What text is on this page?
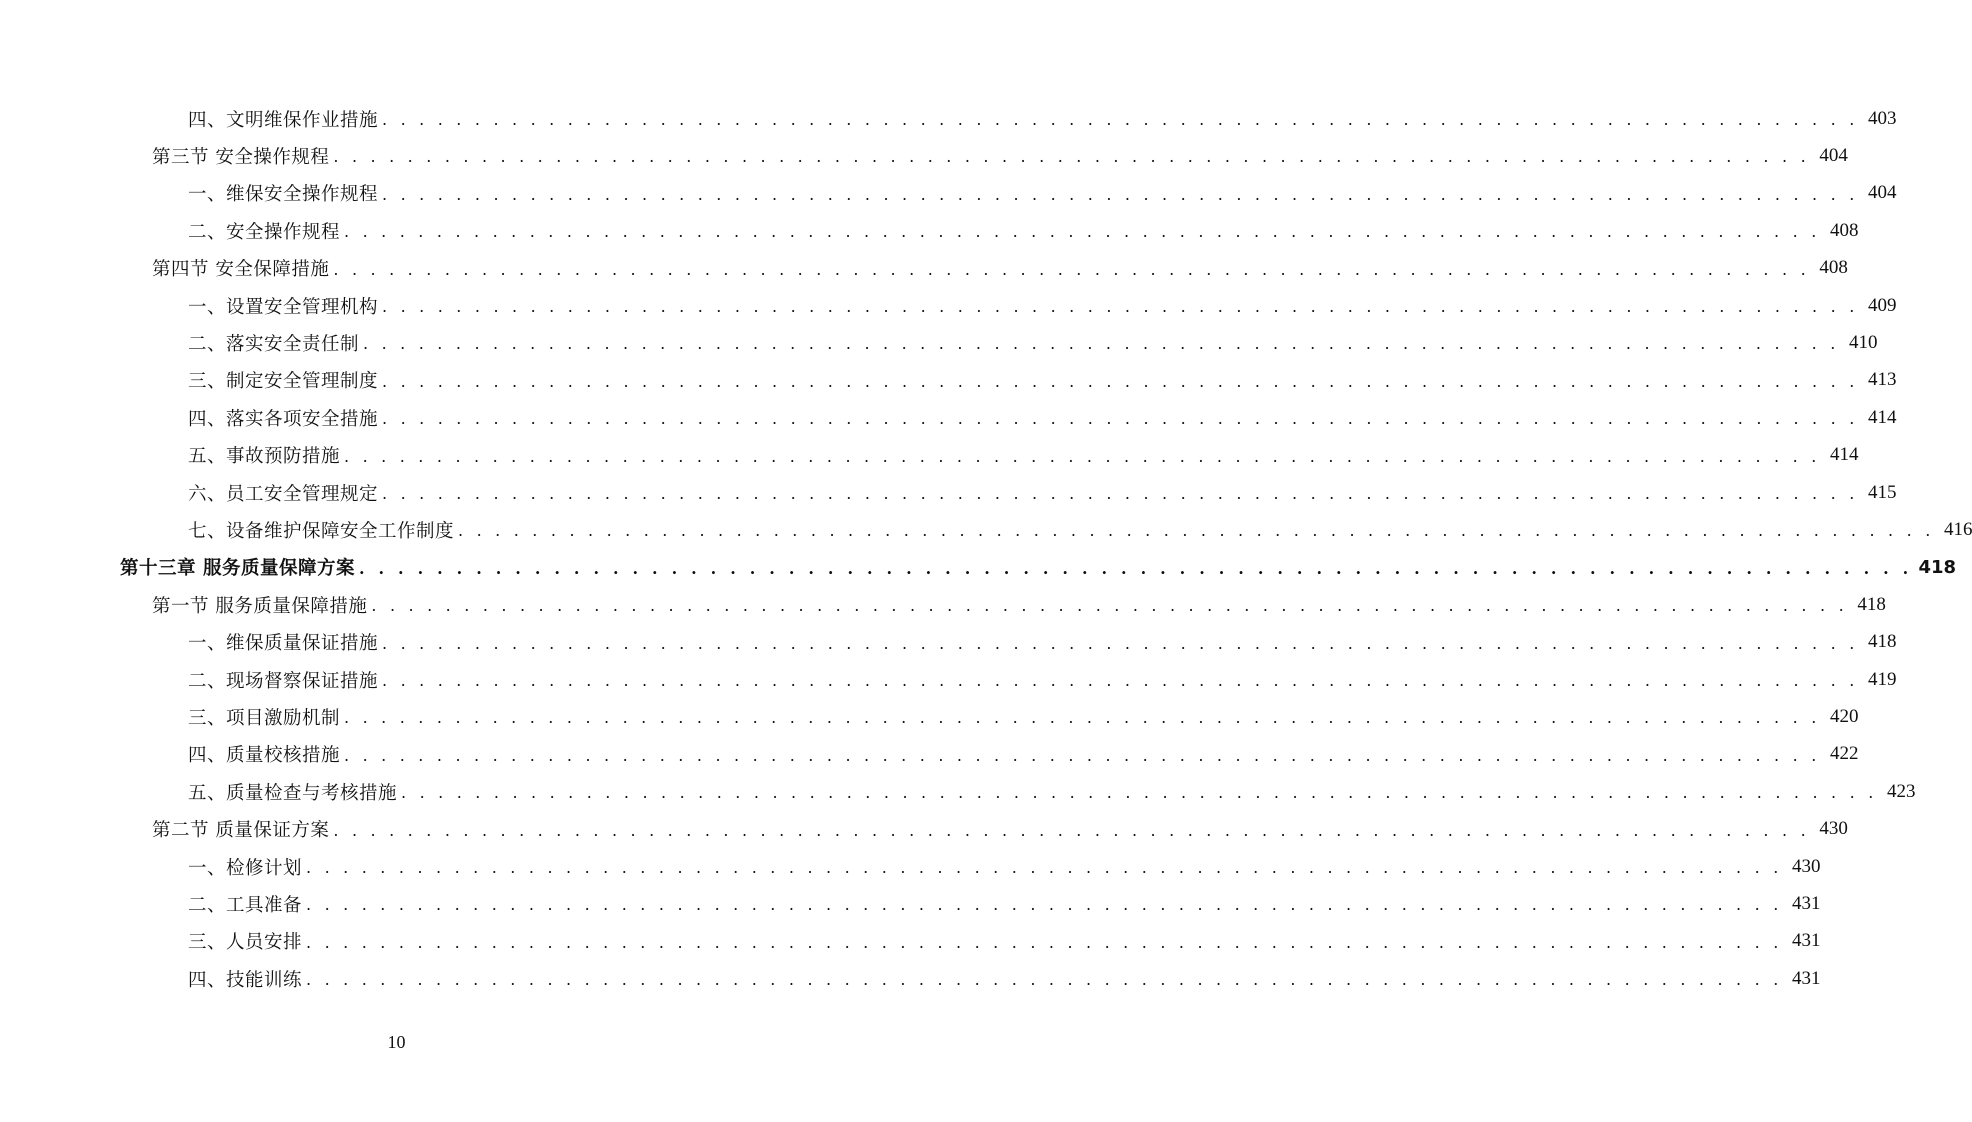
四、文明维保作业措施 . . . . . . . . . . . . . . . . . . . . . . . . . . . . . . . . . . . . . . . . . . . . . . . . . . . . . . . . . . . . . . . . . . . . . . . . . . . . . . . . 403
第三节 安全操作规程 . . . . . . . . . . . . . . . . . . . . . . . . . . . . . . . . . . . . . . . . . . . . . . . . . . . . . . . . . . . . . . . . . . . . . . . . . . . . . . . . 404
一、维保安全操作规程 . . . . . . . . . . . . . . . . . . . . . . . . . . . . . . . . . . . . . . . . . . . . . . . . . . . . . . . . . . . . . . . . . . . . . . . . . . . . . . . . 404
二、安全操作规程 . . . . . . . . . . . . . . . . . . . . . . . . . . . . . . . . . . . . . . . . . . . . . . . . . . . . . . . . . . . . . . . . . . . . . . . . . . . . . . . . 408
第四节 安全保障措施 . . . . . . . . . . . . . . . . . . . . . . . . . . . . . . . . . . . . . . . . . . . . . . . . . . . . . . . . . . . . . . . . . . . . . . . . . . . . . . . . 408
一、设置安全管理机构 . . . . . . . . . . . . . . . . . . . . . . . . . . . . . . . . . . . . . . . . . . . . . . . . . . . . . . . . . . . . . . . . . . . . . . . . . . . . . . . . 409
二、落实安全责任制 . . . . . . . . . . . . . . . . . . . . . . . . . . . . . . . . . . . . . . . . . . . . . . . . . . . . . . . . . . . . . . . . . . . . . . . . . . . . . . . . 410
三、制定安全管理制度 . . . . . . . . . . . . . . . . . . . . . . . . . . . . . . . . . . . . . . . . . . . . . . . . . . . . . . . . . . . . . . . . . . . . . . . . . . . . . . . . 413
四、落实各项安全措施 . . . . . . . . . . . . . . . . . . . . . . . . . . . . . . . . . . . . . . . . . . . . . . . . . . . . . . . . . . . . . . . . . . . . . . . . . . . . . . . . 414
五、事故预防措施 . . . . . . . . . . . . . . . . . . . . . . . . . . . . . . . . . . . . . . . . . . . . . . . . . . . . . . . . . . . . . . . . . . . . . . . . . . . . . . . . 414
六、员工安全管理规定 . . . . . . . . . . . . . . . . . . . . . . . . . . . . . . . . . . . . . . . . . . . . . . . . . . . . . . . . . . . . . . . . . . . . . . . . . . . . . . . . 415
七、设备维护保障安全工作制度 . . . . . . . . . . . . . . . . . . . . . . . . . . . . . . . . . . . . . . . . . . . . . . . . . . . . . . . . . . . . . . . . . . . . . . . . . . . . . . . . 416
第十三章 服务质量保障方案 . . . . . . . . . . . . . . . . . . . . . . . . . . . . . . . . . . . . . . . . . . . . . . . . . . . . . . . . . . . . . . . . . . . . . . . . . . . . . . . . 418
第一节 服务质量保障措施 . . . . . . . . . . . . . . . . . . . . . . . . . . . . . . . . . . . . . . . . . . . . . . . . . . . . . . . . . . . . . . . . . . . . . . . . . . . . . . . . 418
一、维保质量保证措施 . . . . . . . . . . . . . . . . . . . . . . . . . . . . . . . . . . . . . . . . . . . . . . . . . . . . . . . . . . . . . . . . . . . . . . . . . . . . . . . . 418
二、现场督察保证措施 . . . . . . . . . . . . . . . . . . . . . . . . . . . . . . . . . . . . . . . . . . . . . . . . . . . . . . . . . . . . . . . . . . . . . . . . . . . . . . . . 419
三、项目激励机制 . . . . . . . . . . . . . . . . . . . . . . . . . . . . . . . . . . . . . . . . . . . . . . . . . . . . . . . . . . . . . . . . . . . . . . . . . . . . . . . . 420
四、质量校核措施 . . . . . . . . . . . . . . . . . . . . . . . . . . . . . . . . . . . . . . . . . . . . . . . . . . . . . . . . . . . . . . . . . . . . . . . . . . . . . . . . 422
五、质量检查与考核措施 . . . . . . . . . . . . . . . . . . . . . . . . . . . . . . . . . . . . . . . . . . . . . . . . . . . . . . . . . . . . . . . . . . . . . . . . . . . . . . . . 423
第二节 质量保证方案 . . . . . . . . . . . . . . . . . . . . . . . . . . . . . . . . . . . . . . . . . . . . . . . . . . . . . . . . . . . . . . . . . . . . . . . . . . . . . . . . 430
一、检修计划 . . . . . . . . . . . . . . . . . . . . . . . . . . . . . . . . . . . . . . . . . . . . . . . . . . . . . . . . . . . . . . . . . . . . . . . . . . . . . . . . 430
二、工具准备 . . . . . . . . . . . . . . . . . . . . . . . . . . . . . . . . . . . . . . . . . . . . . . . . . . . . . . . . . . . . . . . . . . . . . . . . . . . . . . . . 431
三、人员安排 . . . . . . . . . . . . . . . . . . . . . . . . . . . . . . . . . . . . . . . . . . . . . . . . . . . . . . . . . . . . . . . . . . . . . . . . . . . . . . . . 431
四、技能训练 . . . . . . . . . . . . . . . . . . . . . . . . . . . . . . . . . . . . . . . . . . . . . . . . . . . . . . . . . . . . . . . . . . . . . . . . . . . . . . . . 431
10
